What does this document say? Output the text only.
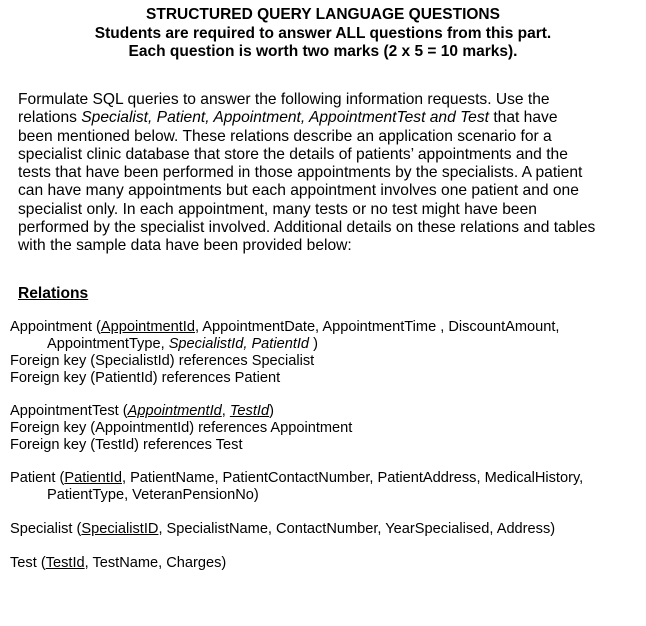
STRUCTURED QUERY LANGUAGE QUESTIONS
Students are required to answer ALL questions from this part.
Each question is worth two marks (2 x 5 = 10 marks).
Formulate SQL queries to answer the following information requests. Use the
relations Specialist, Patient, Appointment, AppointmentTest and Test that have
been mentioned below. These relations describe an application scenario for a
specialist clinic database that store the details of patients’ appointments and the
tests that have been performed in those appointments by the specialists. A patient
can have many appointments but each appointment involves one patient and one
specialist only. In each appointment, many tests or no test might have been
performed by the specialist involved. Additional details on these relations and tables
with the sample data have been provided below:
Relations
Appointment (AppointmentId, AppointmentDate, AppointmentTime , DiscountAmount,
AppointmentType, SpecialistId, PatientId )
Foreign key (SpecialistId) references Specialist
Foreign key (PatientId) references Patient
AppointmentTest (AppointmentId, TestId)
Foreign key (AppointmentId) references Appointment
Foreign key (TestId) references Test
Patient (PatientId, PatientName, PatientContactNumber, PatientAddress, MedicalHistory,
PatientType, VeteranPensionNo)
Specialist (SpecialistID, SpecialistName, ContactNumber, YearSpecialised, Address)
Test (TestId, TestName, Charges)
